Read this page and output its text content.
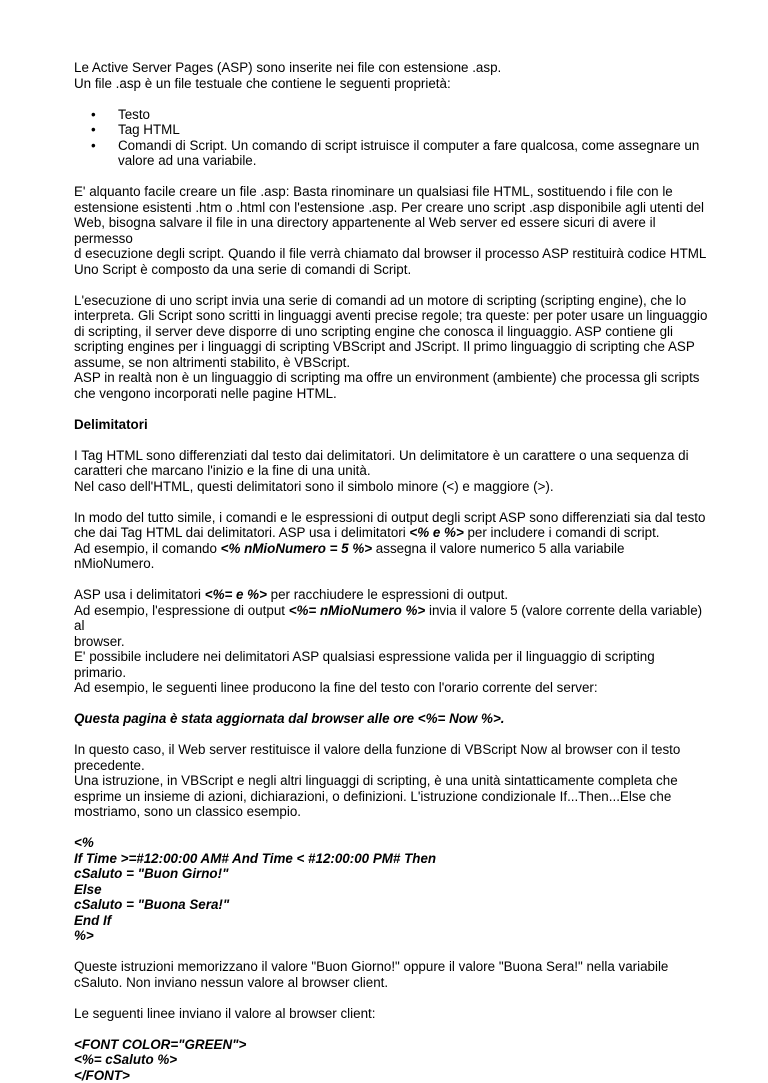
Le Active Server Pages (ASP) sono inserite nei file con estensione .asp.
Un file .asp è un file testuale che contiene le seguenti proprietà:

• Testo
• Tag HTML
• Comandi di Script. Un comando di script istruisce il computer a fare qualcosa, come assegnare un valore ad una variabile.

E' alquanto facile creare un file .asp: Basta rinominare un qualsiasi file HTML, sostituendo i file con le
estensione esistenti .htm o .html con l'estensione .asp. Per creare uno script .asp disponibile agli utenti del
Web, bisogna salvare il file in una directory appartenente al Web server ed essere sicuri di avere il permesso
d esecuzione degli script. Quando il file verrà chiamato dal browser il processo ASP restituirà codice HTML
Uno Script è composto da una serie di comandi di Script.

L'esecuzione di uno script invia una serie di comandi ad un motore di scripting (scripting engine), che lo
interpreta. Gli Script sono scritti in linguaggi aventi precise regole; tra queste: per poter usare un linguaggio
di scripting, il server deve disporre di uno scripting engine che conosca il linguaggio. ASP contiene gli
scripting engines per i linguaggi di scripting VBScript and JScript. Il primo linguaggio di scripting che ASP
assume, se non altrimenti stabilito, è VBScript.
ASP in realtà non è un linguaggio di scripting ma offre un environment (ambiente) che processa gli scripts
che vengono incorporati nelle pagine HTML.

Delimitatori

I Tag HTML sono differenziati dal testo dai delimitatori. Un delimitatore è un carattere o una sequenza di
caratteri che marcano l'inizio e la fine di una unità.
Nel caso dell'HTML, questi delimitatori sono il simbolo minore (<) e maggiore (>).

In modo del tutto simile, i comandi e le espressioni di output degli script ASP sono differenziati sia dal testo
che dai Tag HTML dai delimitatori. ASP usa i delimitatori <% e %> per includere i comandi di script.
Ad esempio, il comando <% nMioNumero = 5 %> assegna il valore numerico 5 alla variabile nMioNumero.

ASP usa i delimitatori <%= e %> per racchiudere le espressioni di output.
Ad esempio, l'espressione di output <%= nMioNumero %> invia il valore 5 (valore corrente della variable) al
browser.
E' possibile includere nei delimitatori ASP qualsiasi espressione valida per il linguaggio di scripting primario.
Ad esempio, le seguenti linee producono la fine del testo con l'orario corrente del server:

Questa pagina è stata aggiornata dal browser alle ore <%= Now %>.

In questo caso, il Web server restituisce il valore della funzione di VBScript Now al browser con il testo
precedente.
Una istruzione, in VBScript e negli altri linguaggi di scripting, è una unità sintatticamente completa che
esprime un insieme di azioni, dichiarazioni, o definizioni. L'istruzione condizionale If...Then...Else che
mostriamo, sono un classico esempio.

<%
If Time >=#12:00:00 AM# And Time < #12:00:00 PM# Then
cSaluto = "Buon Girno!"
Else
cSaluto = "Buona Sera!"
End If
%>

Queste istruzioni memorizzano il valore "Buon Giorno!" oppure il valore "Buona Sera!" nella variabile
cSaluto. Non inviano nessun valore al browser client.

Le seguenti linee inviano il valore al browser client:

<FONT COLOR="GREEN">
<%= cSaluto %>
</FONT>
